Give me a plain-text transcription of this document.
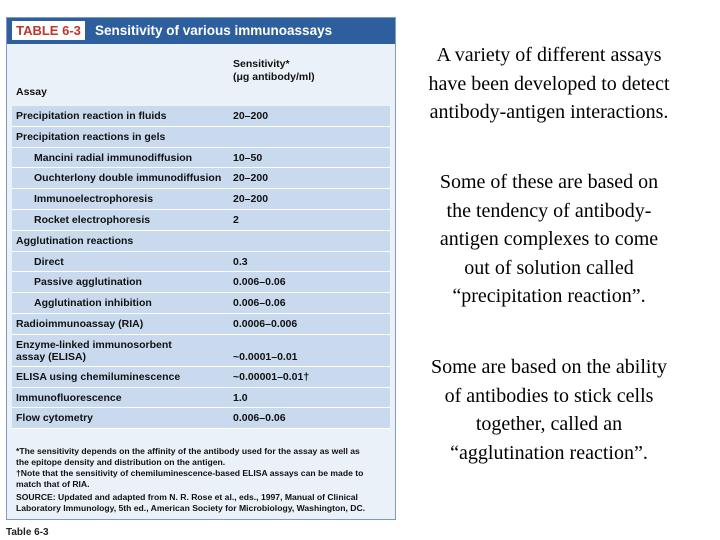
TABLE 6-3	Sensitivity of various immunoassays
Assay
Sensitivity*
(μg antibody/ml)
Precipitation reaction in fluids	20–200
Precipitation reactions in gels
Mancini radial immunodiffusion	10–50
Ouchterlony double immunodiffusion 20–200
Immunoelectrophoresis	20–200
Rocket electrophoresis	2
Agglutination reactions
Direct	0.3
Passive agglutination	0.006–0.06
Agglutination inhibition	0.006–0.06
Radioimmunoassay (RIA)	0.0006–0.006
Enzyme-linked immunosorbent
assay (ELISA)	~0.0001–0.01
ELISA using chemiluminescence	~0.00001–0.01†
Immunofluorescence	1.0
Flow cytometry	0.006–0.06

*The sensitivity depends on the affinity of the antibody used for the assay as well as
the epitope density and distribution on the antigen.

†Note that the sensitivity of chemiluminescence-based ELISA assays can be made to
match that of RIA.

SOURCE: Updated and adapted from N. R. Rose et al., eds., 1997, Manual of Clinical
Laboratory Immunology, 5th ed., American Society for Microbiology, Washington, DC.

Table 6-3
A variety of different assays
have been developed to detect
antibody-antigen interactions.
Some of these are based on
the tendency of antibody-
antigen complexes to come
out of solution called
“precipitation reaction”.
Some are based on the ability
of antibodies to stick cells
together, called an
“agglutination reaction”.
